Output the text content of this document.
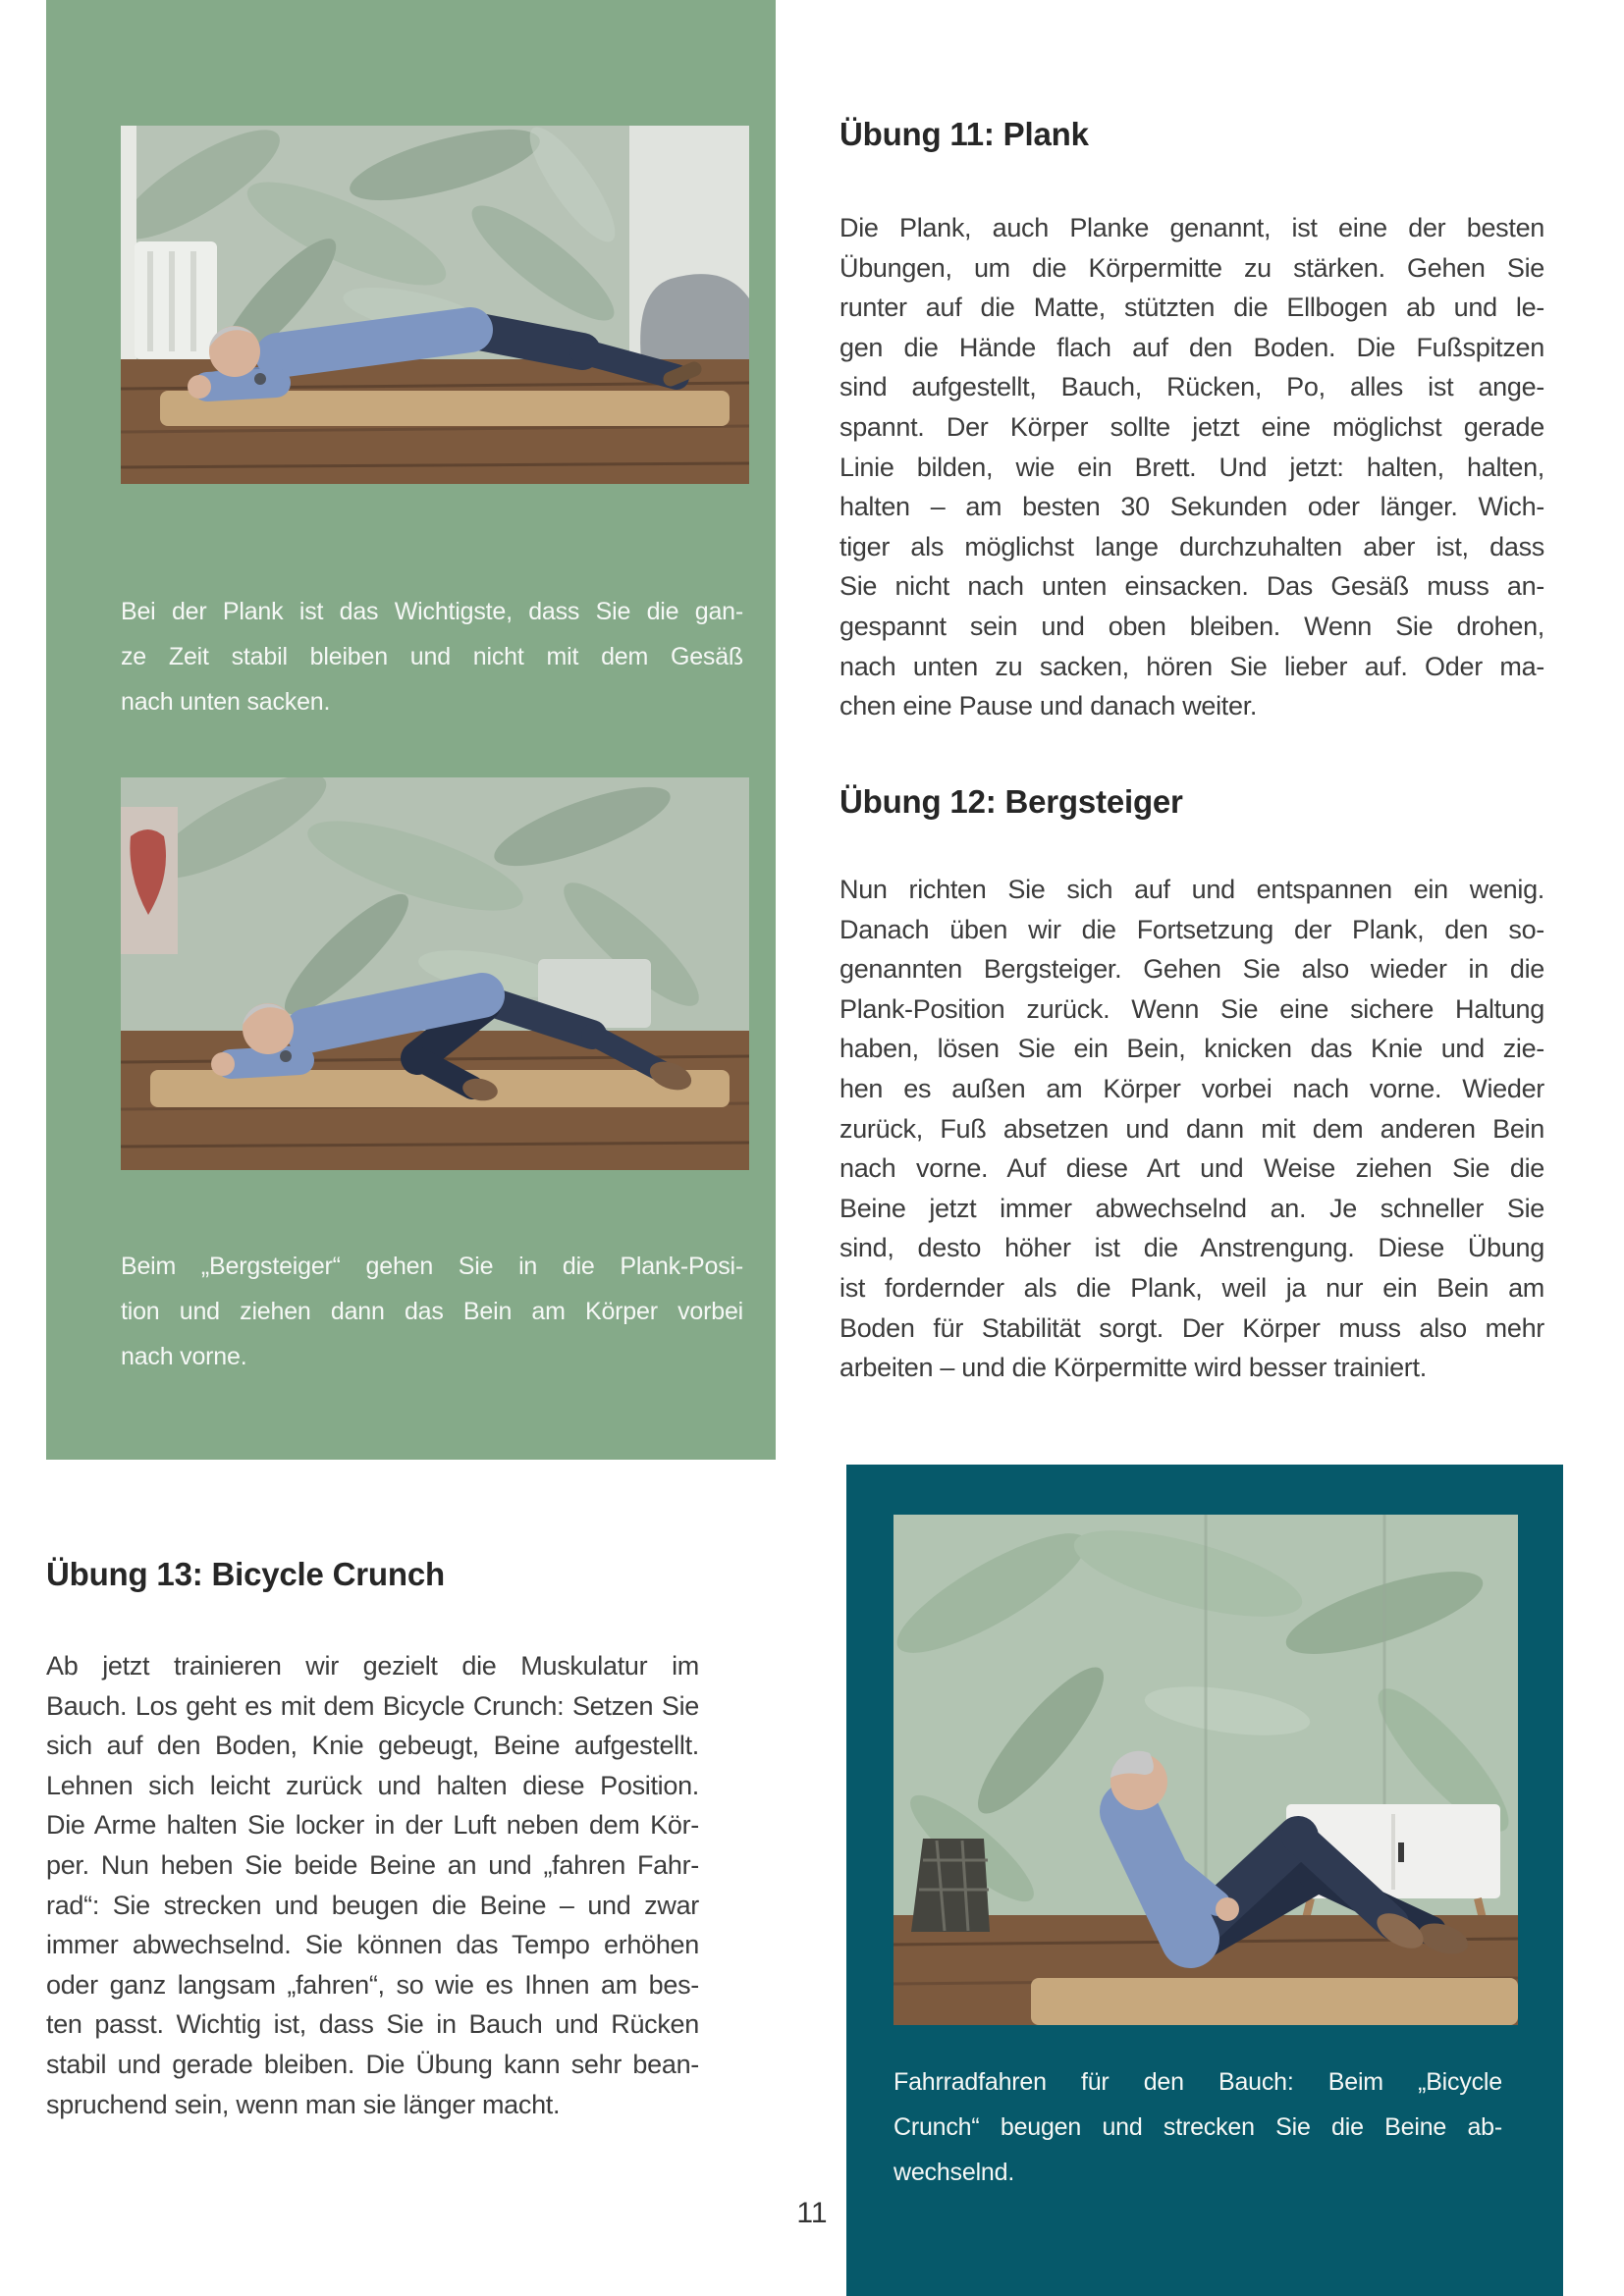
Bei der Plank ist das Wichtigste, dass Sie die gan-
ze Zeit stabil bleiben und nicht mit dem Gesäß
nach unten sacken.
Beim „Bergsteiger“ gehen Sie in die Plank-Posi-
tion und ziehen dann das Bein am Körper vorbei
nach vorne.
Übung 11: Plank
Die Plank, auch Planke genannt, ist eine der besten
Übungen, um die Körpermitte zu stärken. Gehen Sie
runter auf die Matte, stützten die Ellbogen ab und le-
gen die Hände flach auf den Boden. Die Fußspitzen
sind aufgestellt, Bauch, Rücken, Po, alles ist ange-
spannt. Der Körper sollte jetzt eine möglichst gerade
Linie bilden, wie ein Brett. Und jetzt: halten, halten,
halten – am besten 30 Sekunden oder länger. Wich-
tiger als möglichst lange durchzuhalten aber ist, dass
Sie nicht nach unten einsacken. Das Gesäß muss an-
gespannt sein und oben bleiben. Wenn Sie drohen,
nach unten zu sacken, hören Sie lieber auf. Oder ma-
chen eine Pause und danach weiter.
Übung 12: Bergsteiger
Nun richten Sie sich auf und entspannen ein wenig.
Danach üben wir die Fortsetzung der Plank, den so-
genannten Bergsteiger. Gehen Sie also wieder in die
Plank-Position zurück. Wenn Sie eine sichere Haltung
haben, lösen Sie ein Bein, knicken das Knie und zie-
hen es außen am Körper vorbei nach vorne. Wieder
zurück, Fuß absetzen und dann mit dem anderen Bein
nach vorne. Auf diese Art und Weise ziehen Sie die
Beine jetzt immer abwechselnd an. Je schneller Sie
sind, desto höher ist die Anstrengung. Diese Übung
ist fordernder als die Plank, weil ja nur ein Bein am
Boden für Stabilität sorgt. Der Körper muss also mehr
arbeiten – und die Körpermitte wird besser trainiert.
Übung 13: Bicycle Crunch
Ab jetzt trainieren wir gezielt die Muskulatur im
Bauch. Los geht es mit dem Bicycle Crunch: Setzen Sie
sich auf den Boden, Knie gebeugt, Beine aufgestellt.
Lehnen sich leicht zurück und halten diese Position.
Die Arme halten Sie locker in der Luft neben dem Kör-
per. Nun heben Sie beide Beine an und „fahren Fahr-
rad“: Sie strecken und beugen die Beine – und zwar
immer abwechselnd. Sie können das Tempo erhöhen
oder ganz langsam „fahren“, so wie es Ihnen am bes-
ten passt. Wichtig ist, dass Sie in Bauch und Rücken
stabil und gerade bleiben. Die Übung kann sehr bean-
spruchend sein, wenn man sie länger macht.
Fahrradfahren für den Bauch: Beim „Bicycle
Crunch“ beugen und strecken Sie die Beine ab-
wechselnd.
11
